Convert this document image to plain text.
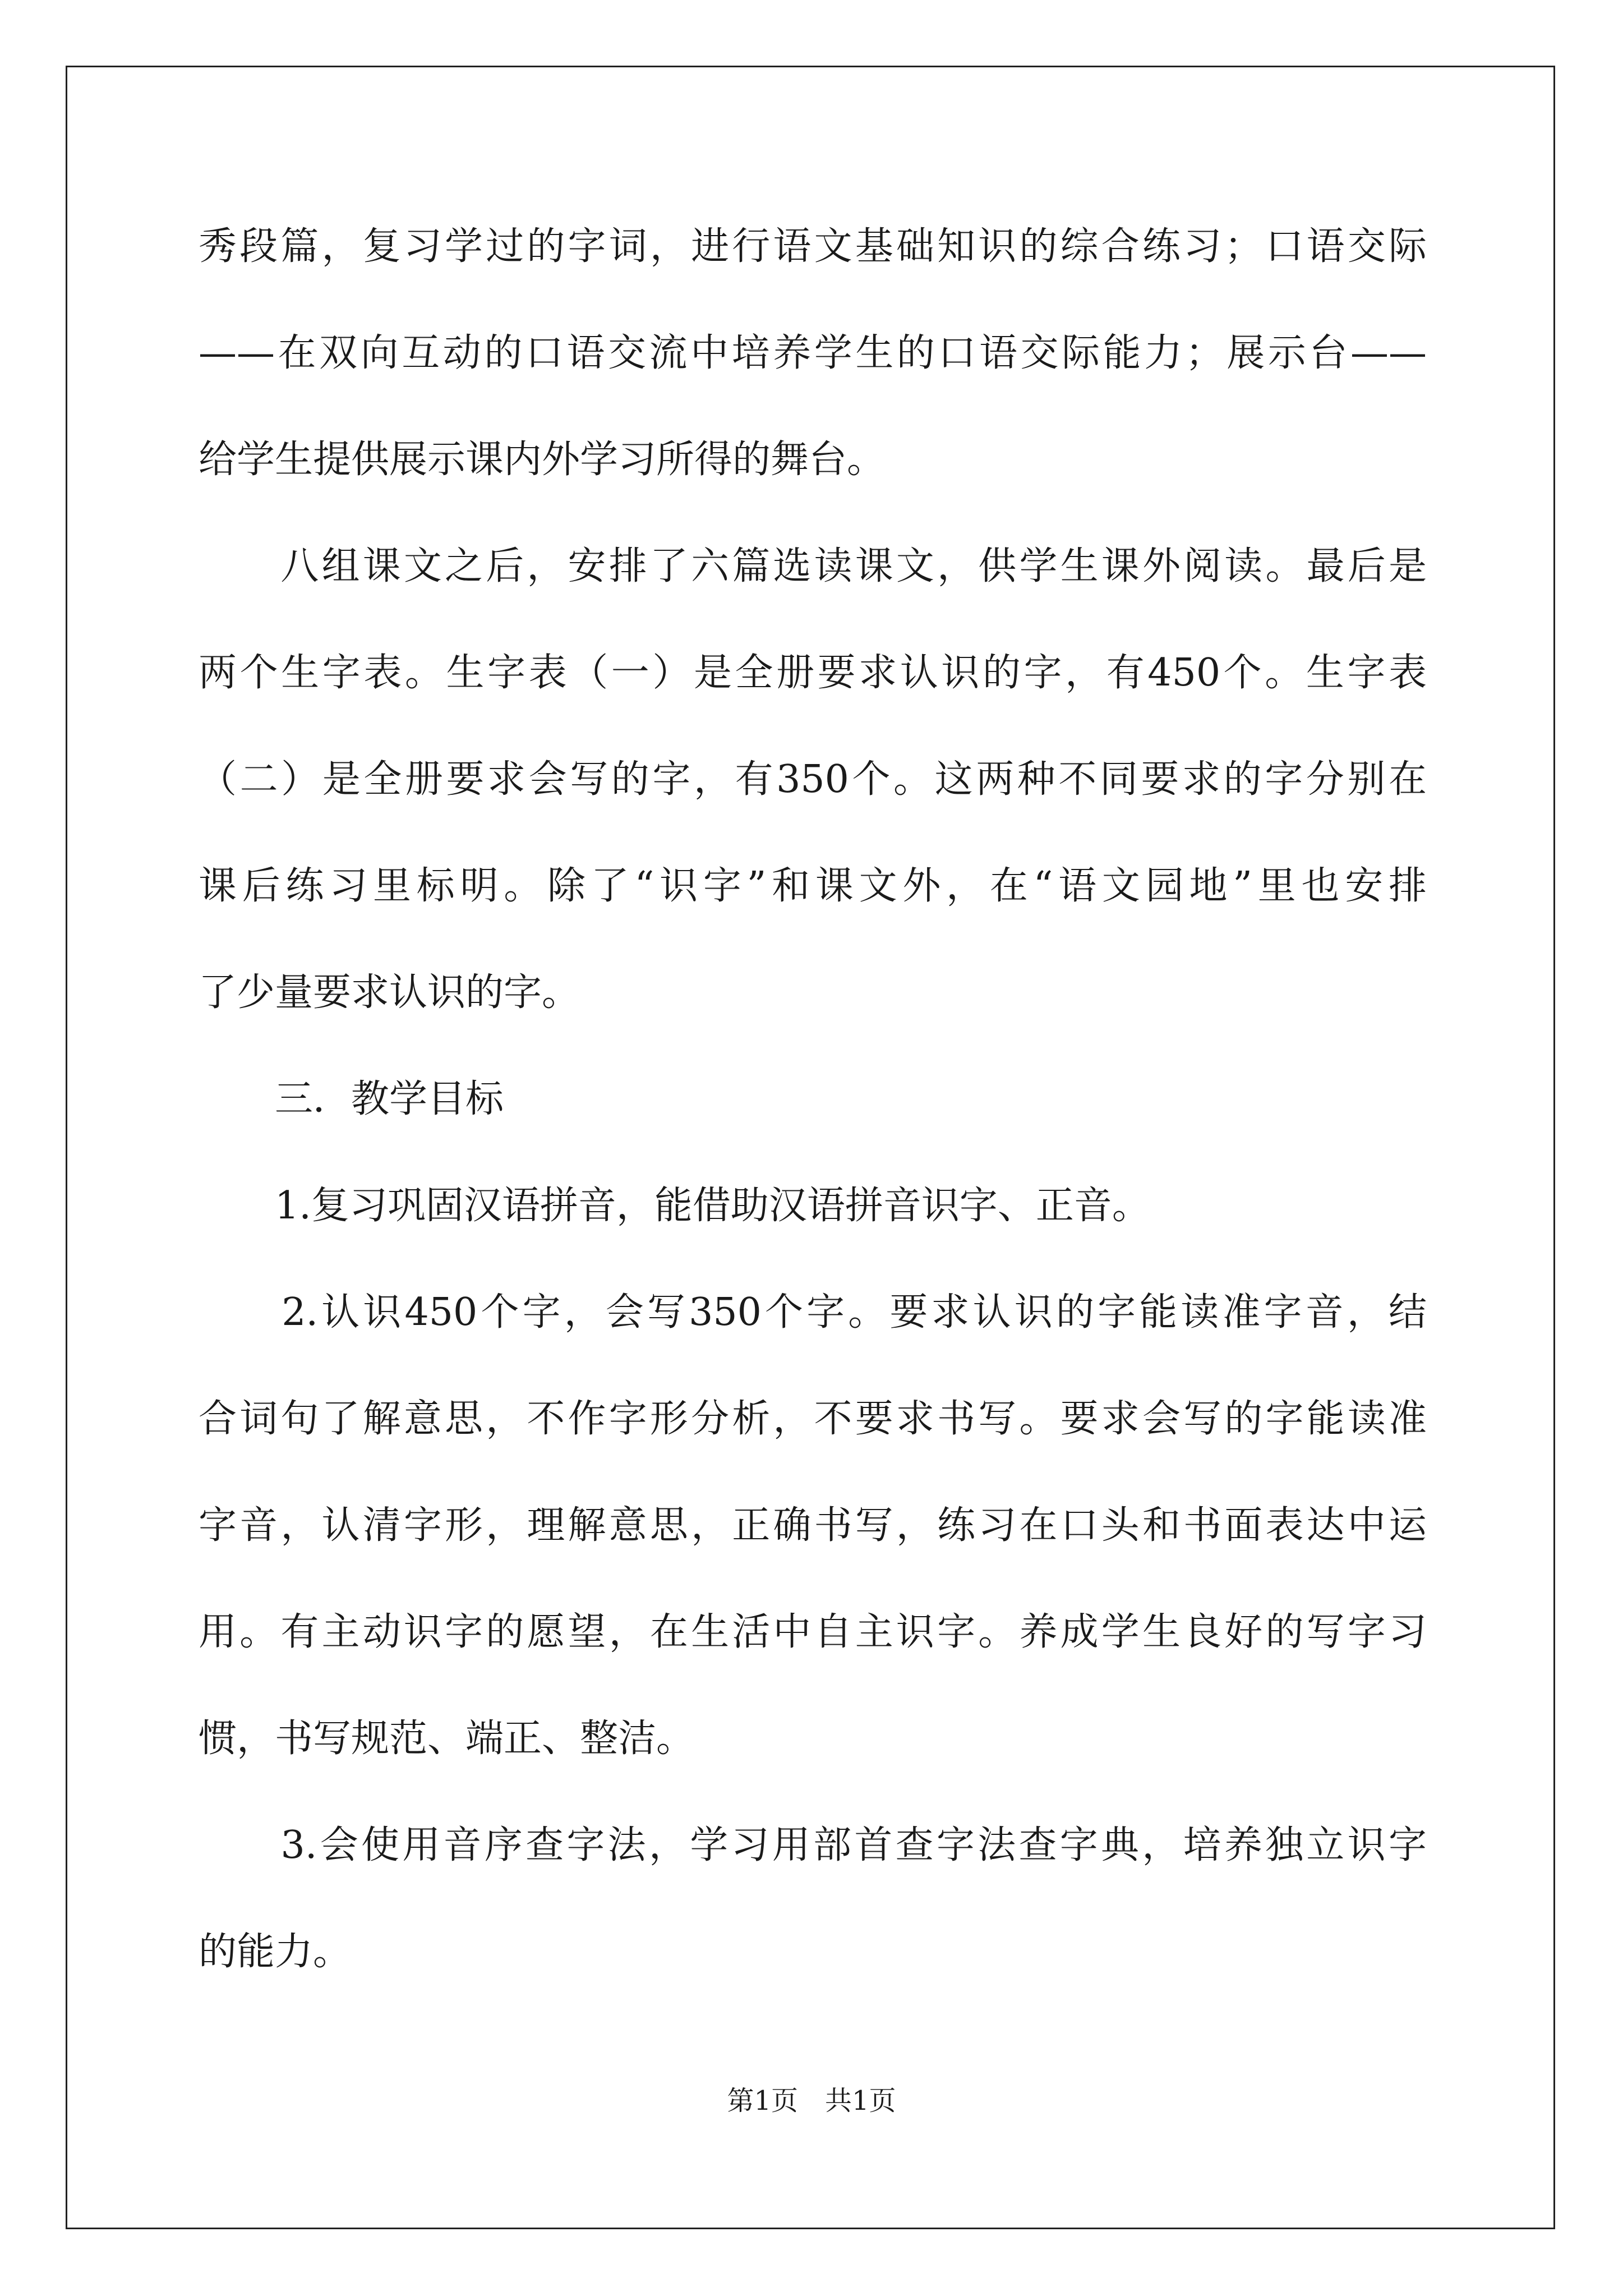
秀段篇，复习学过的字词，进行语文基础知识的综合练习；口语交际
——在双向互动的口语交流中培养学生的口语交际能力；展示台——
给学生提供展示课内外学习所得的舞台。
　　八组课文之后，安排了六篇选读课文，供学生课外阅读。最后是
两个生字表。生字表（一）是全册要求认识的字，有450个。生字表
（二）是全册要求会写的字，有350个。这两种不同要求的字分别在
课后练习里标明。除了“识字”和课文外，在“语文园地”里也安排
了少量要求认识的字。
　　三．教学目标
　　1.复习巩固汉语拼音，能借助汉语拼音识字、正音。
　　2.认识450个字，会写350个字。要求认识的字能读准字音，结
合词句了解意思，不作字形分析，不要求书写。要求会写的字能读准
字音，认清字形，理解意思，正确书写，练习在口头和书面表达中运
用。有主动识字的愿望，在生活中自主识字。养成学生良好的写字习
惯，书写规范、端正、整洁。
　　3.会使用音序查字法，学习用部首查字法查字典，培养独立识字
的能力。
第1页　共1页
